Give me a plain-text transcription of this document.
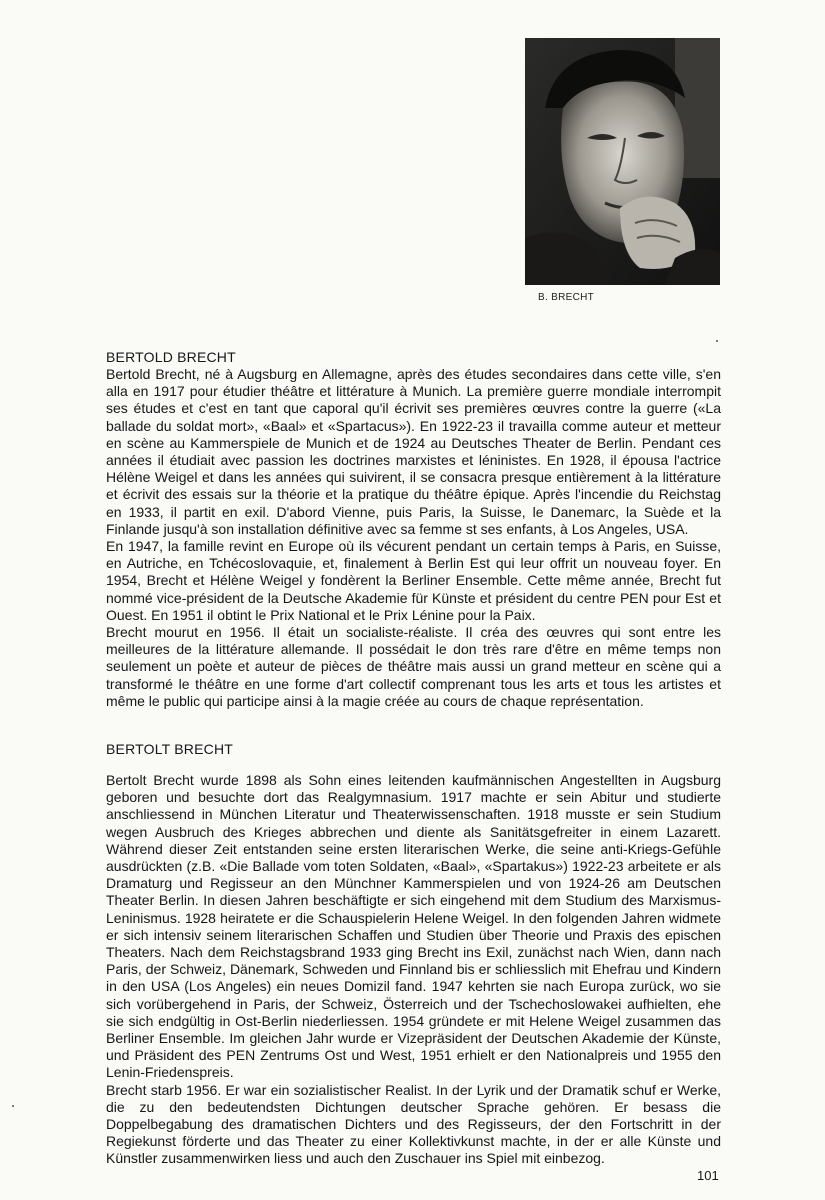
B. BRECHT
BERTOLD BRECHT

Bertold Brecht, né à Augsburg en Allemagne, après des études secondaires dans cette ville, s'en alla en 1917 pour étudier théâtre et littérature à Munich. La première guerre mondiale interrompit ses études et c'est en tant que caporal qu'il écrivit ses premières œuvres contre la guerre («La ballade du soldat mort», «Baal» et «Spartacus»). En 1922-23 il travailla comme auteur et metteur en scène au Kammerspiele de Munich et de 1924 au Deutsches Theater de Berlin. Pendant ces années il étudiait avec passion les doctrines marxistes et léninistes. En 1928, il épousa l'actrice Hélène Weigel et dans les années qui suivirent, il se consacra presque entièrement à la littérature et écrivit des essais sur la théorie et la pratique du théâtre épique. Après l'incendie du Reichstag en 1933, il partit en exil. D'abord Vienne, puis Paris, la Suisse, le Danemarc, la Suède et la Finlande jusqu'à son installation définitive avec sa femme st ses enfants, à Los Angeles, USA.

En 1947, la famille revint en Europe où ils vécurent pendant un certain temps à Paris, en Suisse, en Autriche, en Tchécoslovaquie, et, finalement à Berlin Est qui leur offrit un nouveau foyer. En 1954, Brecht et Hélène Weigel y fondèrent la Berliner Ensemble. Cette même année, Brecht fut nommé vice-président de la Deutsche Akademie für Künste et président du centre PEN pour Est et Ouest. En 1951 il obtint le Prix National et le Prix Lénine pour la Paix.

Brecht mourut en 1956. Il était un socialiste-réaliste. Il créa des œuvres qui sont entre les meilleures de la littérature allemande. Il possédait le don très rare d'être en même temps non seulement un poète et auteur de pièces de théâtre mais aussi un grand metteur en scène qui a transformé le théâtre en une forme d'art collectif comprenant tous les arts et tous les artistes et même le public qui participe ainsi à la magie créée au cours de chaque représentation.

BERTOLT BRECHT

Bertolt Brecht wurde 1898 als Sohn eines leitenden kaufmännischen Angestellten in Augsburg geboren und besuchte dort das Realgymnasium. 1917 machte er sein Abitur und studierte anschliessend in München Literatur und Theaterwissenschaften. 1918 musste er sein Studium wegen Ausbruch des Krieges abbrechen und diente als Sanitätsgefreiter in einem Lazarett. Während dieser Zeit entstanden seine ersten literarischen Werke, die seine anti-Kriegs-Gefühle ausdrückten (z.B. «Die Ballade vom toten Soldaten, «Baal», «Spartakus») 1922-23 arbeitete er als Dramaturg und Regisseur an den Münchner Kammerspielen und von 1924-26 am Deutschen Theater Berlin. In diesen Jahren beschäftigte er sich eingehend mit dem Studium des Marxismus-Leninismus. 1928 heiratete er die Schauspielerin Helene Weigel. In den folgenden Jahren widmete er sich intensiv seinem literarischen Schaffen und Studien über Theorie und Praxis des epischen Theaters. Nach dem Reichstagsbrand 1933 ging Brecht ins Exil, zunächst nach Wien, dann nach Paris, der Schweiz, Dänemark, Schweden und Finnland bis er schliesslich mit Ehefrau und Kindern in den USA (Los Angeles) ein neues Domizil fand. 1947 kehrten sie nach Europa zurück, wo sie sich vorübergehend in Paris, der Schweiz, Österreich und der Tschechoslowakei aufhielten, ehe sie sich endgültig in Ost-Berlin niederliessen. 1954 gründete er mit Helene Weigel zusammen das Berliner Ensemble. Im gleichen Jahr wurde er Vizepräsident der Deutschen Akademie der Künste, und Präsident des PEN Zentrums Ost und West, 1951 erhielt er den Nationalpreis und 1955 den Lenin-Friedenspreis.

Brecht starb 1956. Er war ein sozialistischer Realist. In der Lyrik und der Dramatik schuf er Werke, die zu den bedeutendsten Dichtungen deutscher Sprache gehören. Er besass die Doppelbegabung des dramatischen Dichters und des Regisseurs, der den Fortschritt in der Regiekunst förderte und das Theater zu einer Kollektivkunst machte, in der er alle Künste und Künstler zusammenwirken liess und auch den Zuschauer ins Spiel mit einbezog.

101
